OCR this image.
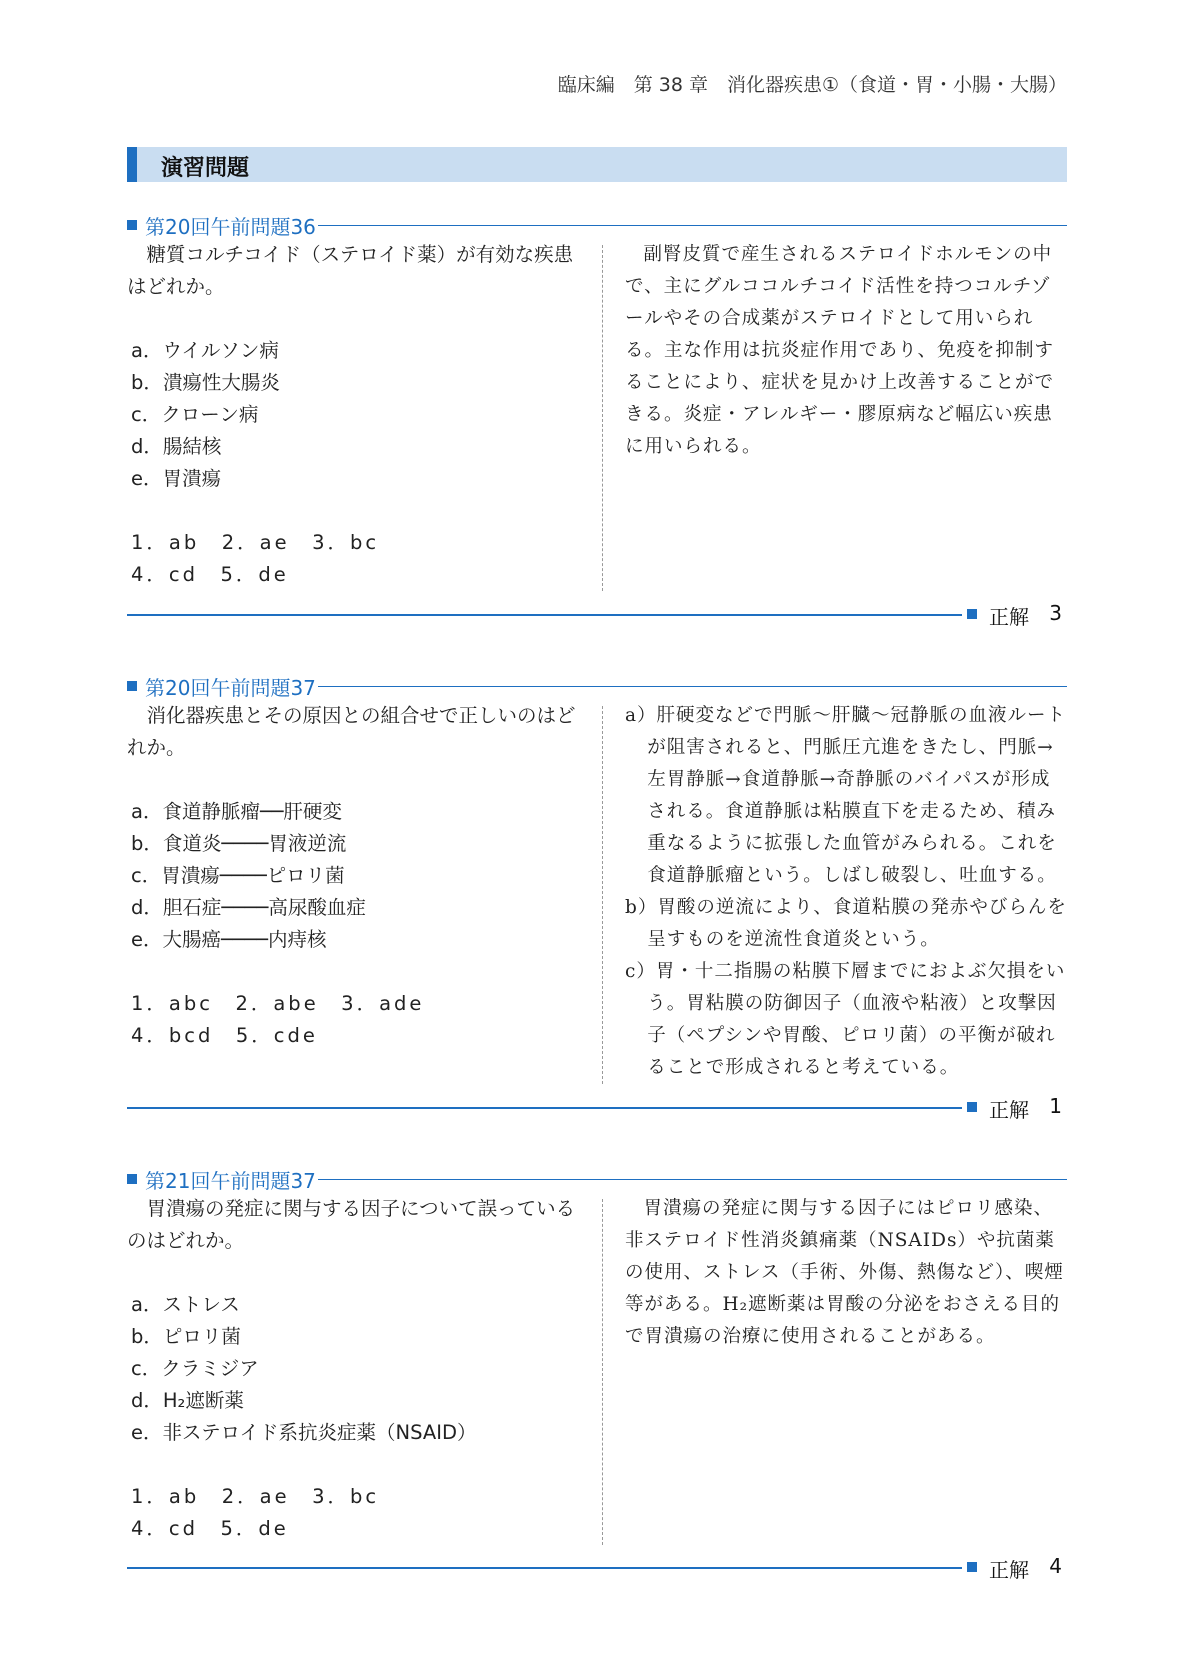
臨床編　第 38 章　消化器疾患①（食道・胃・小腸・大腸）
演習問題
第20回午前問題36
糖質コルチコイド（ステロイド薬）が有効な疾患はどれか。
a．ウイルソン病
b．潰瘍性大腸炎
c．クローン病
d．腸結核
e．胃潰瘍
1．ab　2．ae　3．bc
4．cd　5．de
副腎皮質で産生されるステロイドホルモンの中で、主にグルココルチコイド活性を持つコルチゾールやその合成薬がステロイドとして用いられる。主な作用は抗炎症作用であり、免疫を抑制することにより、症状を見かけ上改善することができる。炎症・アレルギー・膠原病など幅広い疾患に用いられる。
正解 3
第20回午前問題37
消化器疾患とその原因との組合せで正しいのはどれか。
a．食道静脈瘤──肝硬変
b．食道炎────胃液逆流
c．胃潰瘍────ピロリ菌
d．胆石症────高尿酸血症
e．大腸癌────内痔核
1．abc　2．abe　3．ade
4．bcd　5．cde
a）肝硬変などで門脈〜肝臓〜冠静脈の血液ルートが阻害されると、門脈圧亢進をきたし、門脈→左胃静脈→食道静脈→奇静脈のバイパスが形成される。食道静脈は粘膜直下を走るため、積み重なるように拡張した血管がみられる。これを食道静脈瘤という。しばし破裂し、吐血する。
b）胃酸の逆流により、食道粘膜の発赤やびらんを呈すものを逆流性食道炎という。
c）胃・十二指腸の粘膜下層までにおよぶ欠損をいう。胃粘膜の防御因子（血液や粘液）と攻撃因子（ペプシンや胃酸、ピロリ菌）の平衡が破れることで形成されると考えている。
正解 1
第21回午前問題37
胃潰瘍の発症に関与する因子について誤っているのはどれか。
a．ストレス
b．ピロリ菌
c．クラミジア
d．H₂遮断薬
e．非ステロイド系抗炎症薬（NSAID）
1．ab　2．ae　3．bc
4．cd　5．de
胃潰瘍の発症に関与する因子にはピロリ感染、非ステロイド性消炎鎮痛薬（NSAIDs）や抗菌薬の使用、ストレス（手術、外傷、熱傷など）、喫煙等がある。H₂遮断薬は胃酸の分泌をおさえる目的で胃潰瘍の治療に使用されることがある。
正解 4
